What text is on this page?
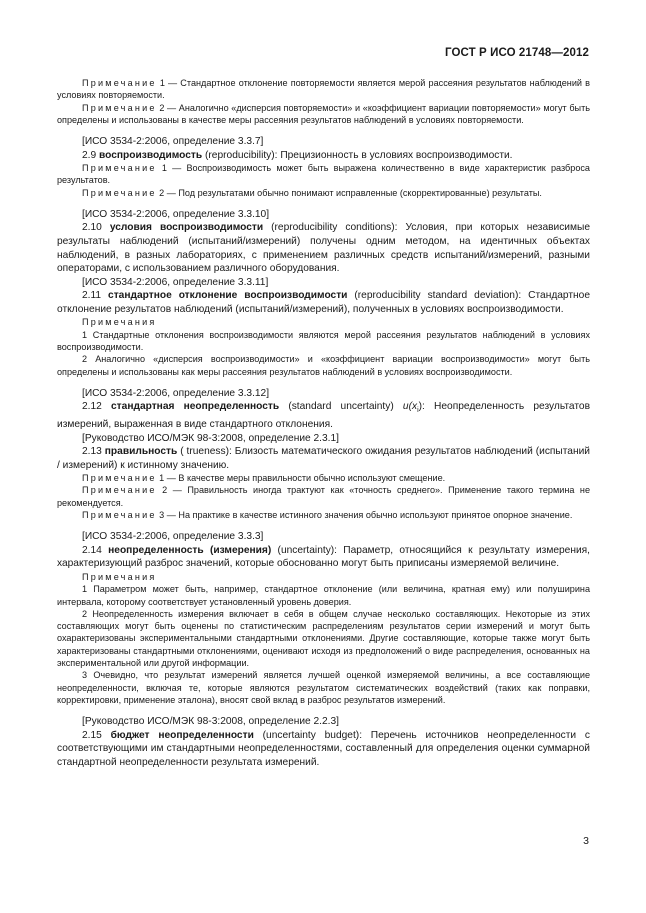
ГОСТ Р ИСО 21748—2012

Примечание 1 — Стандартное отклонение повторяемости является мерой рассеяния результатов наблюдений в условиях повторяемости.

Примечание 2 — Аналогично «дисперсия повторяемости» и «коэффициент вариации повторяемости» могут быть определены и использованы в качестве меры рассеяния результатов наблюдений в условиях повторяемости.

[ИСО 3534-2:2006, определение 3.3.7]

2.9 воспроизводимость (reproducibility): Прецизионность в условиях воспроизводимости.

Примечание 1 — Воспроизводимость может быть выражена количественно в виде характеристик разброса результатов.

Примечание 2 — Под результатами обычно понимают исправленные (скорректированные) результаты.

[ИСО 3534-2:2006, определение 3.3.10]

2.10 условия воспроизводимости (reproducibility conditions): Условия, при которых независимые результаты наблюдений (испытаний/измерений) получены одним методом, на идентичных объектах наблюдений, в разных лабораториях, с применением различных средств испытаний/измерений, разными операторами, с использованием различного оборудования.

[ИСО 3534-2:2006, определение 3.3.11]

2.11 стандартное отклонение воспроизводимости (reproducibility standard deviation): Стандартное отклонение результатов наблюдений (испытаний/измерений), полученных в условиях воспроизводимости.

Примечания

1 Стандартные отклонения воспроизводимости являются мерой рассеяния результатов наблюдений в условиях воспроизводимости.

2 Аналогично «дисперсия воспроизводимости» и «коэффициент вариации воспроизводимости» могут быть определены и использованы как меры рассеяния результатов наблюдений в условиях воспроизводимости.

[ИСО 3534-2:2006, определение 3.3.12]

2.12 стандартная неопределенность (standard uncertainty) $u(x_i)$: Неопределенность результатов измерений, выраженная в виде стандартного отклонения.

[Руководство ИСО/МЭК 98-3:2008, определение 2.3.1]

2.13 правильность ( trueness): Близость математического ожидания результатов наблюдений (испытаний / измерений) к истинному значению.

Примечание 1 — В качестве меры правильности обычно используют смещение.

Примечание 2 — Правильность иногда трактуют как «точность среднего». Применение такого термина не рекомендуется.

Примечание 3 — На практике в качестве истинного значения обычно используют принятое опорное значение.

[ИСО 3534-2:2006, определение 3.3.3]

2.14 неопределенность (измерения) (uncertainty): Параметр, относящийся к результату измерения, характеризующий разброс значений, которые обоснованно могут быть приписаны измеряемой величине.

Примечания

1 Параметром может быть, например, стандартное отклонение (или величина, кратная ему) или полуширина интервала, которому соответствует установленный уровень доверия.

2 Неопределенность измерения включает в себя в общем случае несколько составляющих. Некоторые из этих составляющих могут быть оценены по статистическим распределениям результатов серии измерений и могут быть охарактеризованы экспериментальными стандартными отклонениями. Другие составляющие, которые также могут быть характеризованы стандартными отклонениями, оценивают исходя из предположений о виде распределения, основанных на экспериментальной или другой информации.

3 Очевидно, что результат измерений является лучшей оценкой измеряемой величины, а все составляющие неопределенности, включая те, которые являются результатом систематических воздействий (таких как поправки, корректировки, применение эталона), вносят свой вклад в разброс результатов измерений.

[Руководство ИСО/МЭК 98-3:2008, определение 2.2.3]

2.15 бюджет неопределенности (uncertainty budget): Перечень источников неопределенности с соответствующими им стандартными неопределенностями, составленный для определения оценки суммарной стандартной неопределенности результата измерений.

3
